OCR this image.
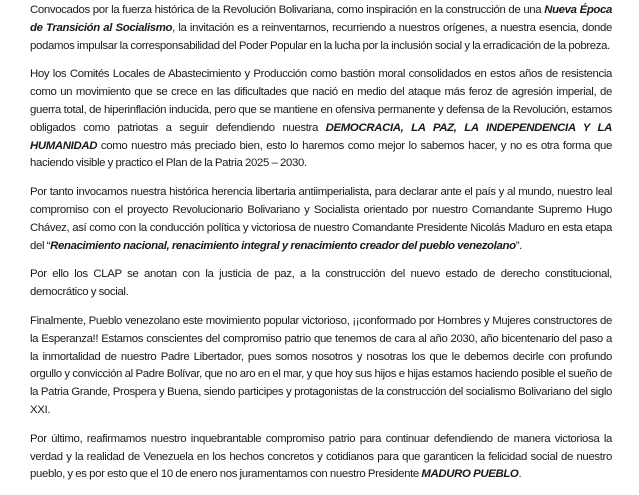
Convocados por la fuerza histórica de la Revolución Bolivariana, como inspiración en la construcción de una Nueva Época de Transición al Socialismo, la invitación es a reinventarnos, recurriendo a nuestros orígenes, a nuestra esencia, donde podamos impulsar la corresponsabilidad del Poder Popular en la lucha por la inclusión social y la erradicación de la pobreza.

Hoy los Comités Locales de Abastecimiento y Producción como bastión moral consolidados en estos años de resistencia como un movimiento que se crece en las dificultades que nació en medio del ataque más feroz de agresión imperial, de guerra total, de hiperinflación inducida, pero que se mantiene en ofensiva permanente y defensa de la Revolución, estamos obligados como patriotas a seguir defendiendo nuestra DEMOCRACIA, LA PAZ, LA INDEPENDENCIA Y LA HUMANIDAD como nuestro más preciado bien, esto lo haremos como mejor lo sabemos hacer, y no es otra forma que haciendo visible y practico el Plan de la Patria 2025 – 2030.

Por tanto invocamos nuestra histórica herencia libertaria antiimperialista, para declarar ante el país y al mundo, nuestro leal compromiso con el proyecto Revolucionario Bolivariano y Socialista orientado por nuestro Comandante Supremo Hugo Chávez, así como con la conducción política y victoriosa de nuestro Comandante Presidente Nicolás Maduro en esta etapa del “Renacimiento nacional, renacimiento integral y renacimiento creador del pueblo venezolano”.

Por ello los CLAP se anotan con la justicia de paz, a la construcción del nuevo estado de derecho constitucional, democrático y social.

Finalmente, Pueblo venezolano este movimiento popular victorioso, ¡¡conformado por Hombres y Mujeres constructores de la Esperanza!! Estamos conscientes del compromiso patrio que tenemos de cara al año 2030, año bicentenario del paso a la inmortalidad de nuestro Padre Libertador, pues somos nosotros y nosotras los que le debemos decirle con profundo orgullo y convicción al Padre Bolívar, que no aro en el mar, y que hoy sus hijos e hijas estamos haciendo posible el sueño de la Patria Grande, Prospera y Buena, siendo participes y protagonistas de la construcción del socialismo Bolivariano del siglo XXI.

Por último, reafirmamos nuestro inquebrantable compromiso patrio para continuar defendiendo de manera victoriosa la verdad y la realidad de Venezuela en los hechos concretos y cotidianos para que garanticen la felicidad social de nuestro pueblo, y es por esto que el 10 de enero nos juramentamos con nuestro Presidente MADURO PUEBLO.
